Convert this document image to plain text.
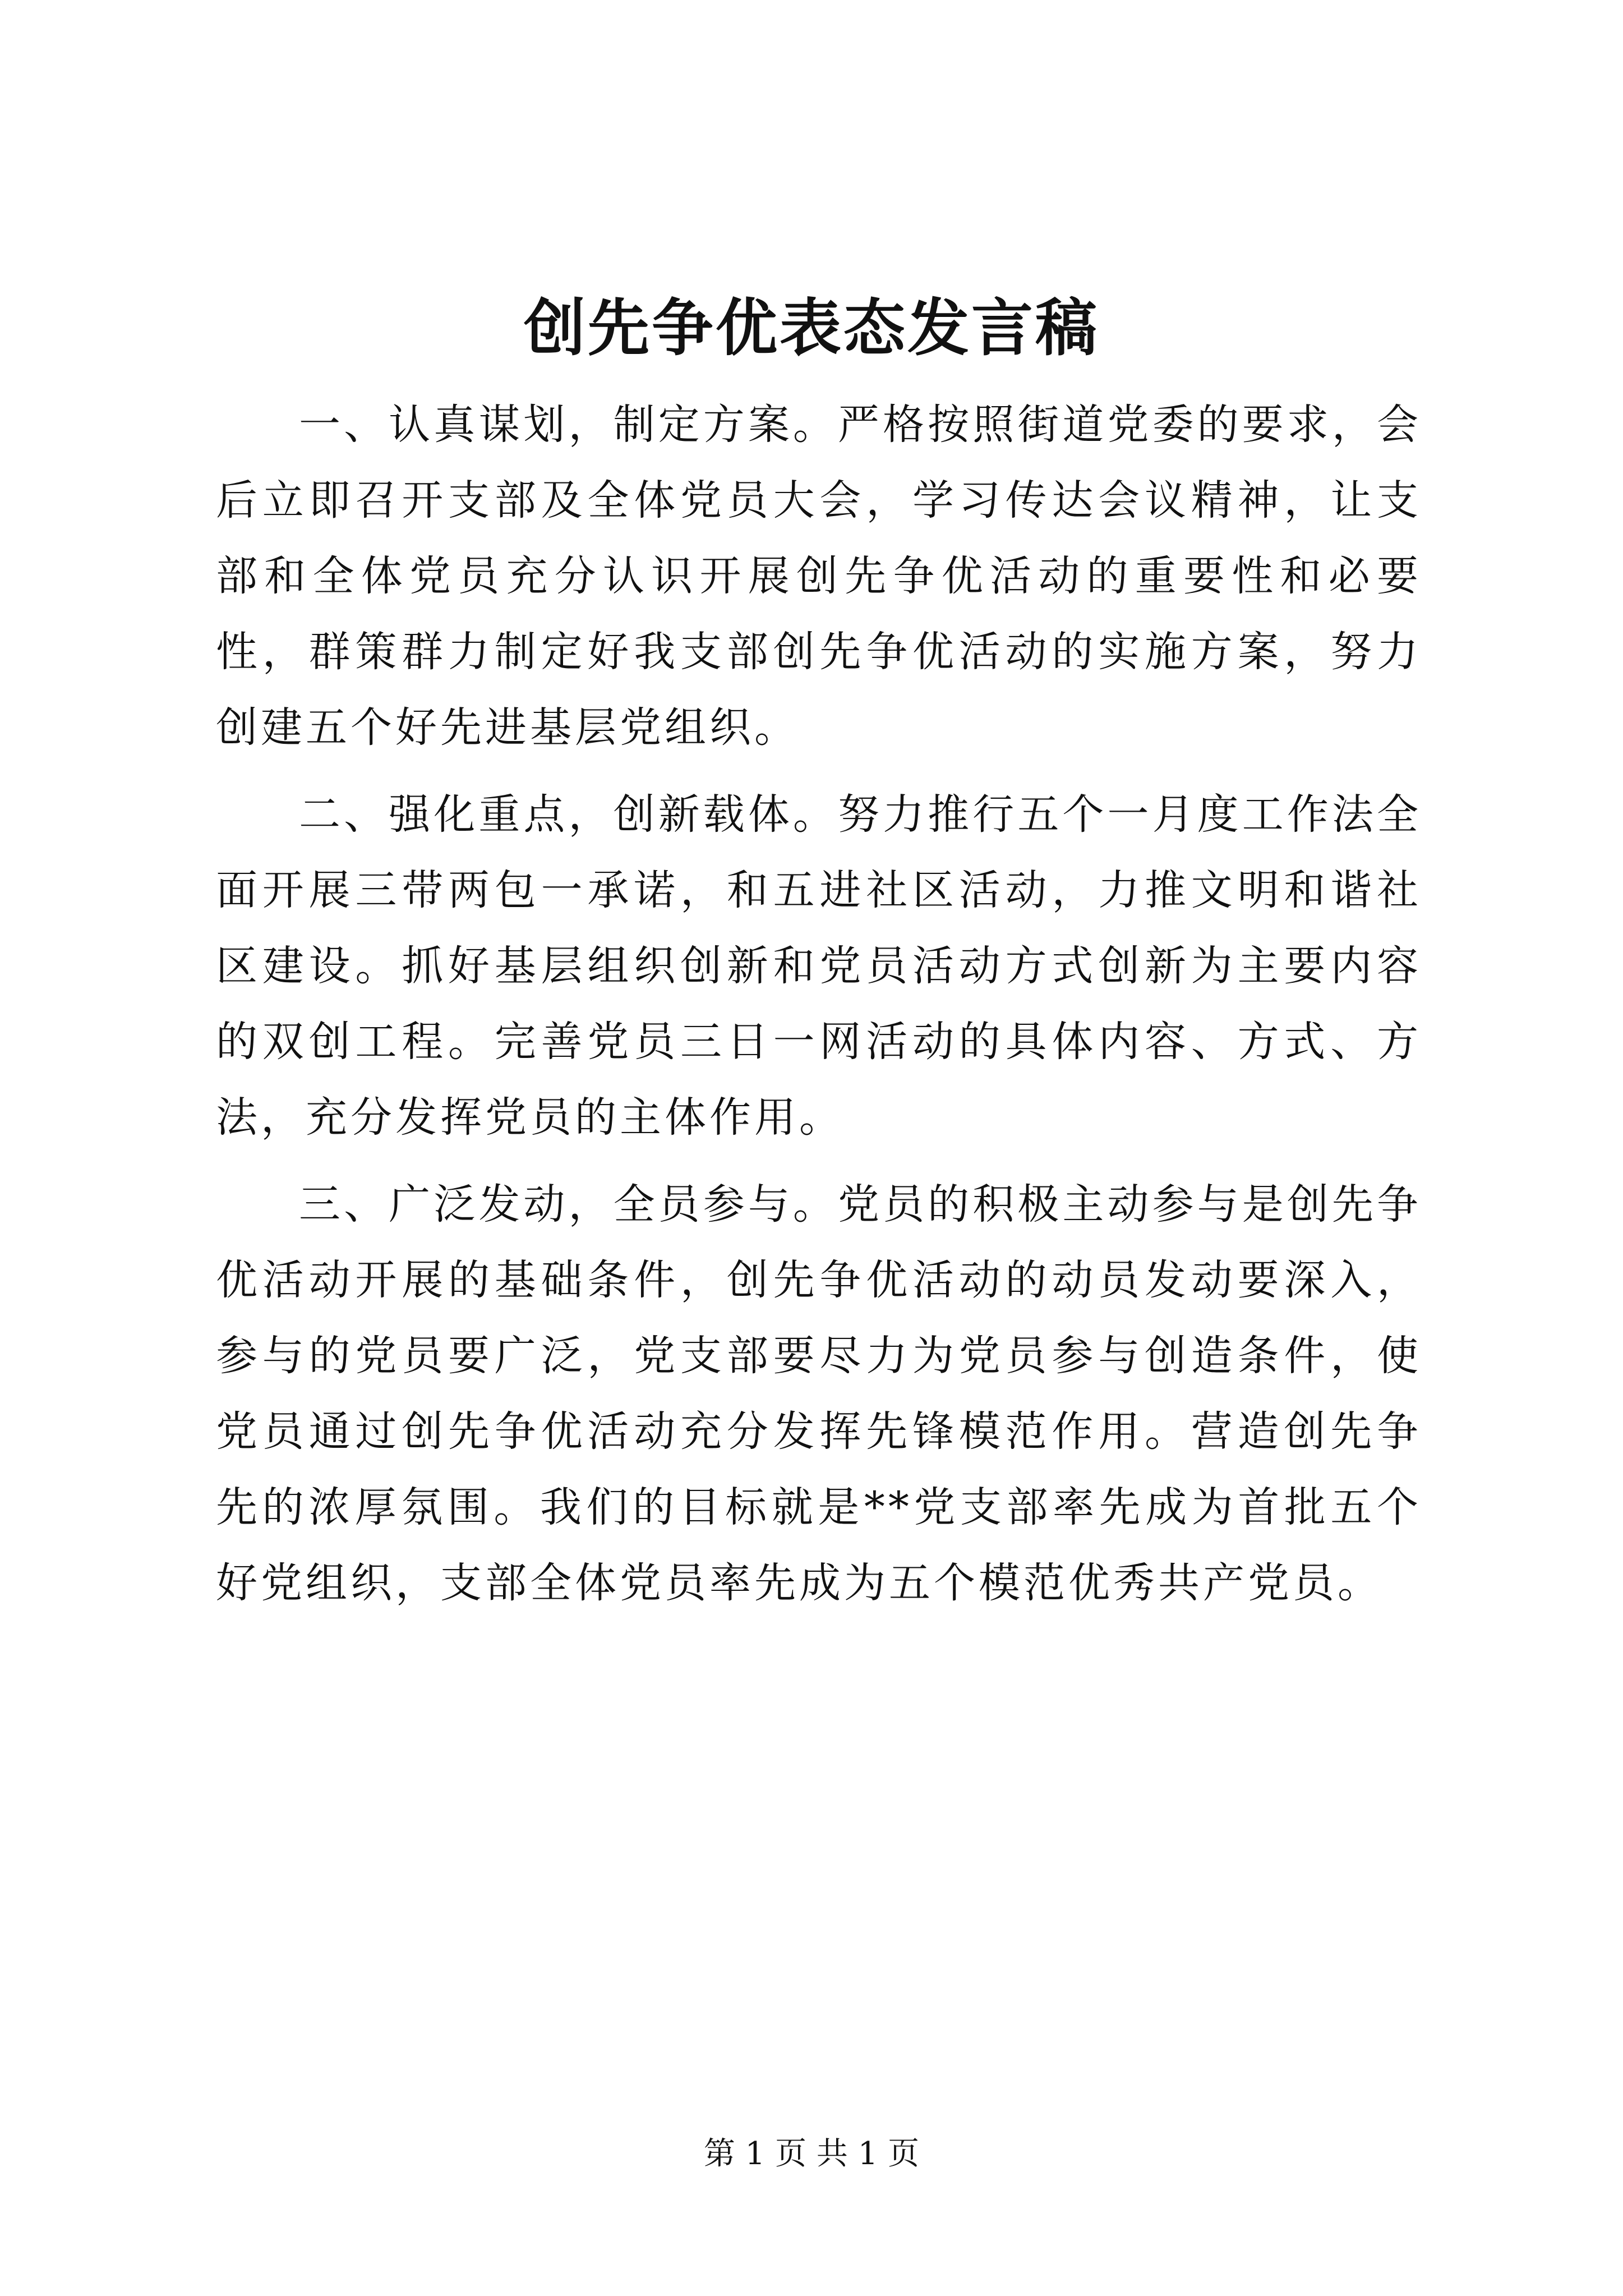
创先争优表态发言稿

一、认真谋划，制定方案。严格按照街道党委的要求，会后立即召开支部及全体党员大会，学习传达会议精神，让支部和全体党员充分认识开展创先争优活动的重要性和必要性，群策群力制定好我支部创先争优活动的实施方案，努力创建五个好先进基层党组织。

二、强化重点，创新载体。努力推行五个一月度工作法全面开展三带两包一承诺，和五进社区活动，力推文明和谐社区建设。抓好基层组织创新和党员活动方式创新为主要内容的双创工程。完善党员三日一网活动的具体内容、方式、方法，充分发挥党员的主体作用。

三、广泛发动，全员参与。党员的积极主动参与是创先争优活动开展的基础条件，创先争优活动的动员发动要深入，参与的党员要广泛，党支部要尽力为党员参与创造条件，使党员通过创先争优活动充分发挥先锋模范作用。营造创先争先的浓厚氛围。我们的目标就是**党支部率先成为首批五个好党组织，支部全体党员率先成为五个模范优秀共产党员。

第 1 页 共 1 页
